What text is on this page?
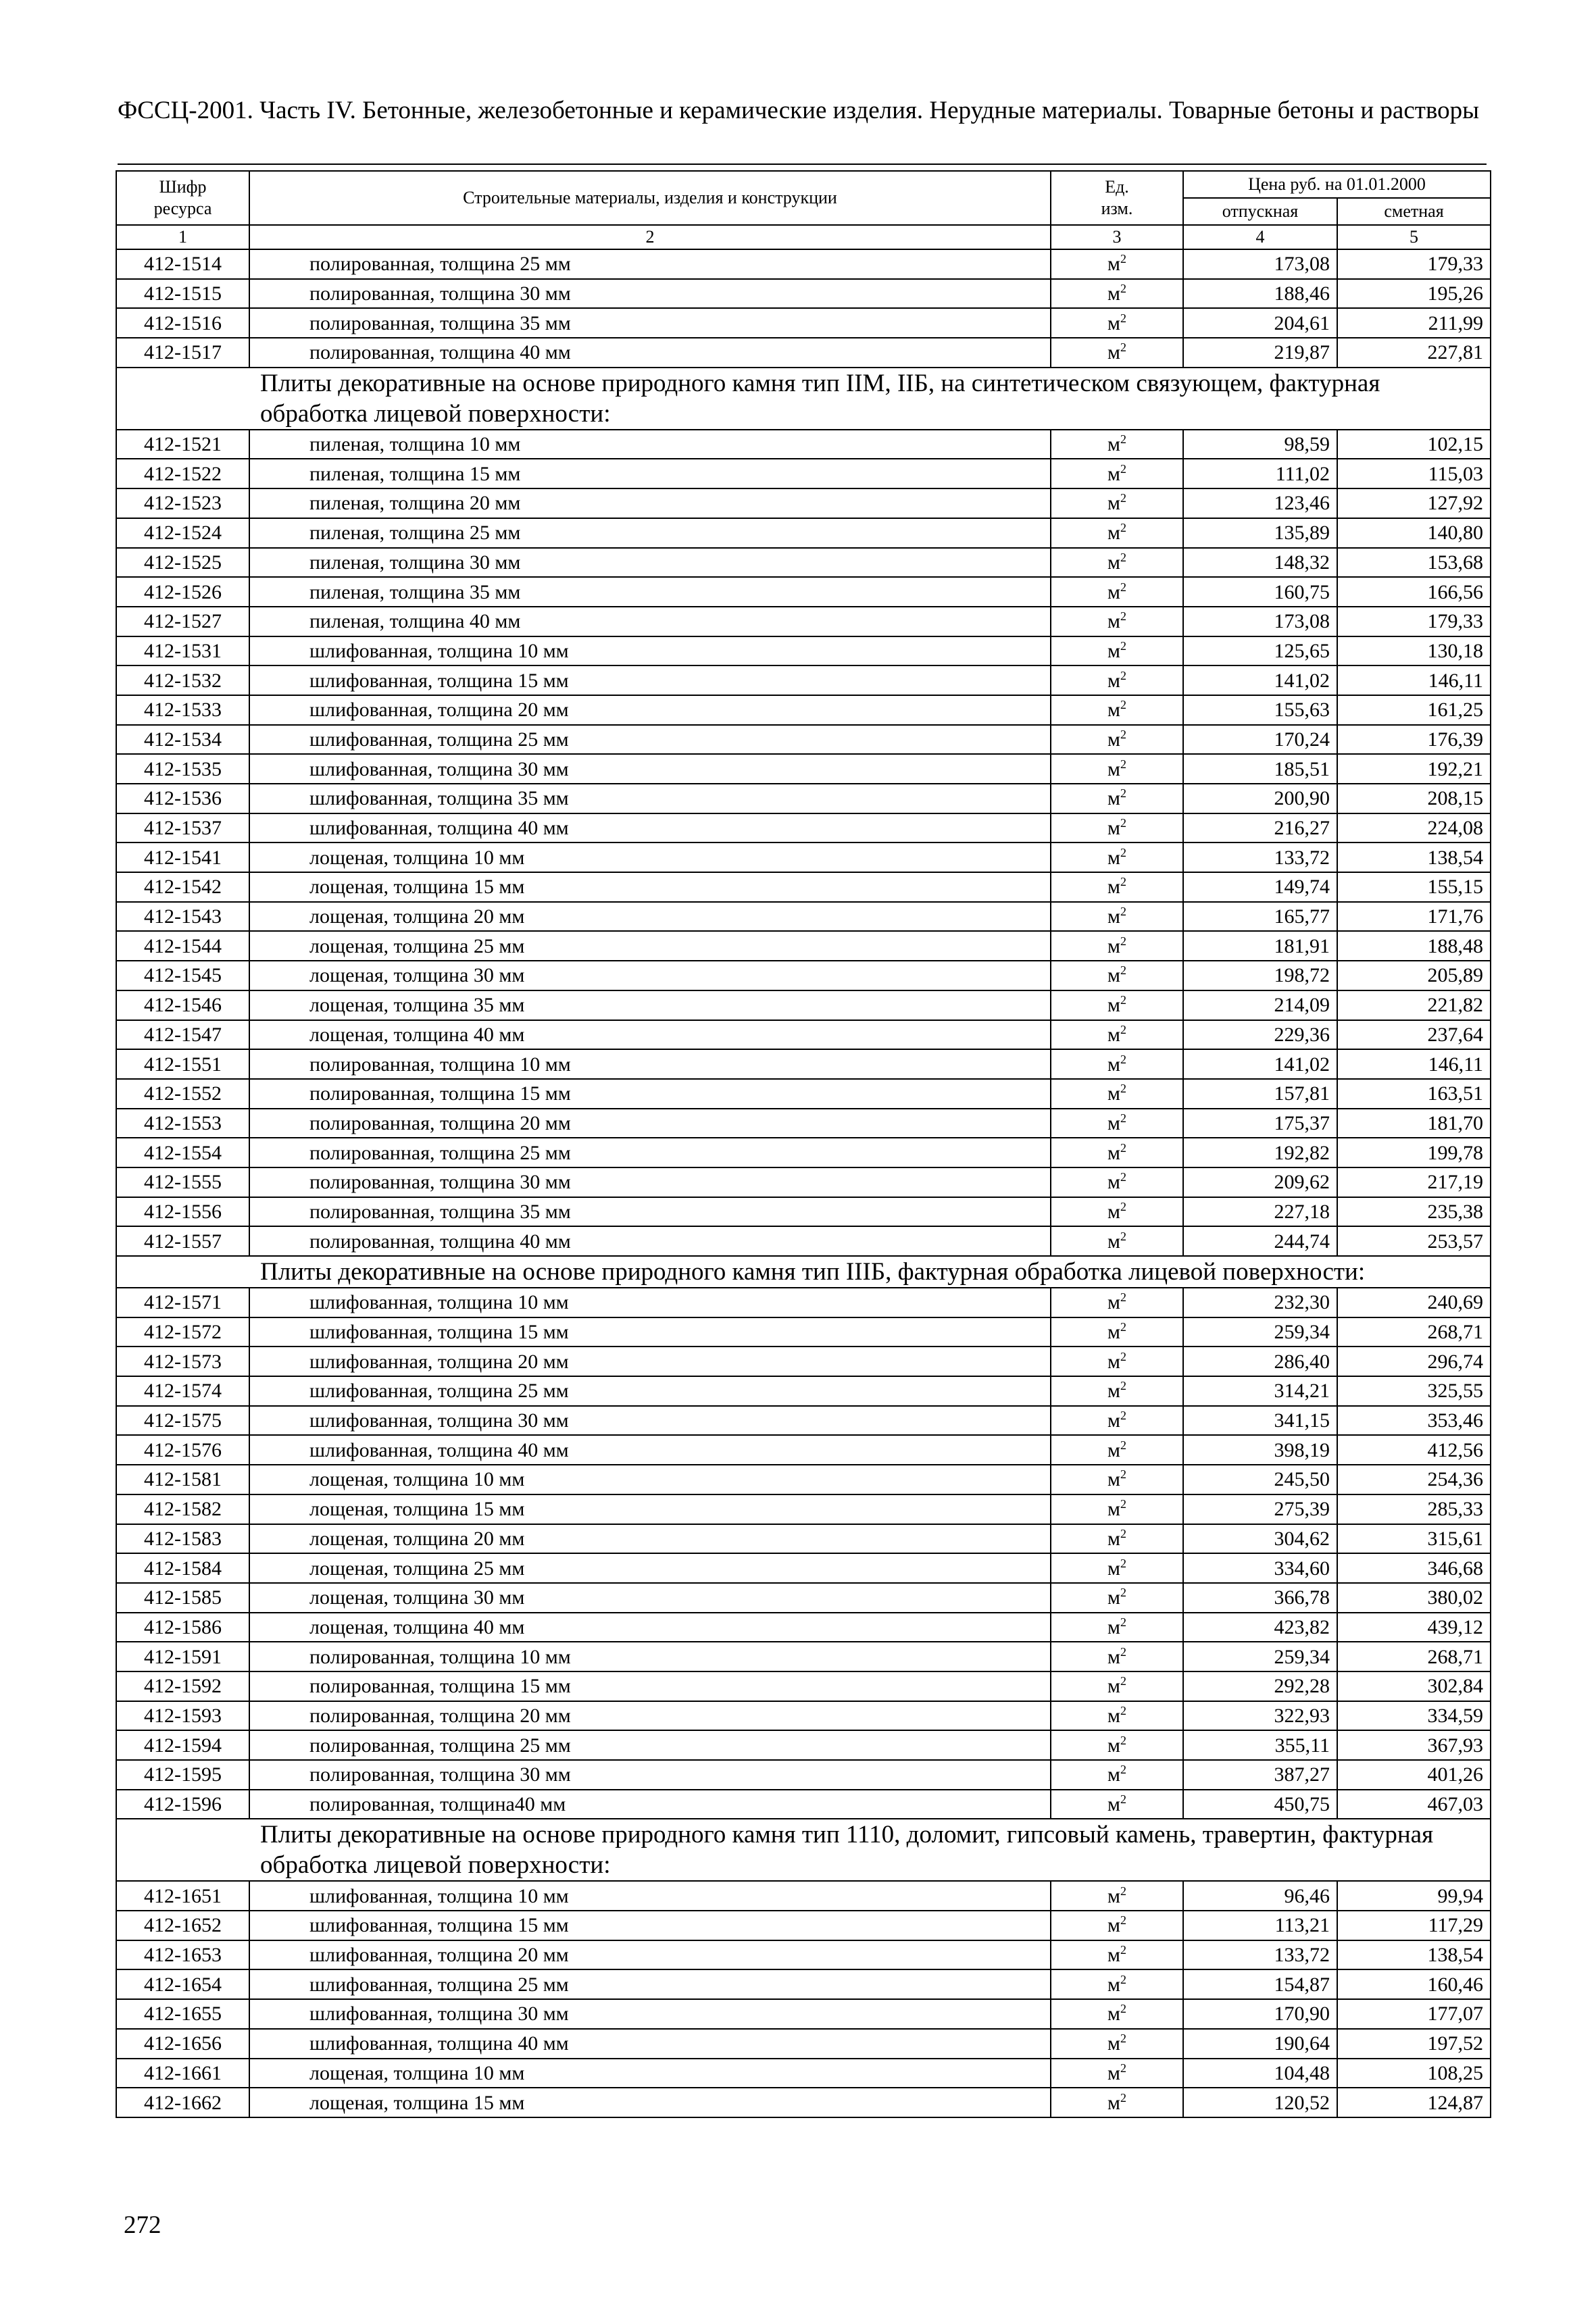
ФССЦ-2001. Часть IV. Бетонные, железобетонные и керамические изделия. Нерудные материалы. Товарные бетоны и растворы
Шифр ресурса	Строительные материалы, изделия и конструкции	Ед. изм.	Цена руб. на 01.01.2000	
			отпускная	сметная
1	2	3	4	5
412-1514	полированная, толщина 25 мм	$м^2$	173,08	179,33
412-1515	полированная, толщина 30 мм	$м^2$	188,46	195,26
412-1516	полированная, толщина 35 мм	$м^2$	204,61	211,99
412-1517	полированная, толщина 40 мм	$м^2$	219,87	227,81
Плиты декоративные на основе природного камня тип IIМ, IIБ, на синтетическом связующем, фактурная обработка лицевой поверхности:				
412-1521	пиленая, толщина 10 мм	$м^2$	98,59	102,15
412-1522	пиленая, толщина 15 мм	$м^2$	111,02	115,03
412-1523	пиленая, толщина 20 мм	$м^2$	123,46	127,92
412-1524	пиленая, толщина 25 мм	$м^2$	135,89	140,80
412-1525	пиленая, толщина 30 мм	$м^2$	148,32	153,68
412-1526	пиленая, толщина 35 мм	$м^2$	160,75	166,56
412-1527	пиленая, толщина 40 мм	$м^2$	173,08	179,33
412-1531	шлифованная, толщина 10 мм	$м^2$	125,65	130,18
412-1532	шлифованная, толщина 15 мм	$м^2$	141,02	146,11
412-1533	шлифованная, толщина 20 мм	$м^2$	155,63	161,25
412-1534	шлифованная, толщина 25 мм	$м^2$	170,24	176,39
412-1535	шлифованная, толщина 30 мм	$м^2$	185,51	192,21
412-1536	шлифованная, толщина 35 мм	$м^2$	200,90	208,15
412-1537	шлифованная, толщина 40 мм	$м^2$	216,27	224,08
412-1541	лощеная, толщина 10 мм	$м^2$	133,72	138,54
412-1542	лощеная, толщина 15 мм	$м^2$	149,74	155,15
412-1543	лощеная, толщина 20 мм	$м^2$	165,77	171,76
412-1544	лощеная, толщина 25 мм	$м^2$	181,91	188,48
412-1545	лощеная, толщина 30 мм	$м^2$	198,72	205,89
412-1546	лощеная, толщина 35 мм	$м^2$	214,09	221,82
412-1547	лощеная, толщина 40 мм	$м^2$	229,36	237,64
412-1551	полированная, толщина 10 мм	$м^2$	141,02	146,11
412-1552	полированная, толщина 15 мм	$м^2$	157,81	163,51
412-1553	полированная, толщина 20 мм	$м^2$	175,37	181,70
412-1554	полированная, толщина 25 мм	$м^2$	192,82	199,78
412-1555	полированная, толщина 30 мм	$м^2$	209,62	217,19
412-1556	полированная, толщина 35 мм	$м^2$	227,18	235,38
412-1557	полированная, толщина 40 мм	$м^2$	244,74	253,57
Плиты декоративные на основе природного камня тип IIIБ, фактурная обработка лицевой поверхности:				
412-1571	шлифованная, толщина 10 мм	$м^2$	232,30	240,69
412-1572	шлифованная, толщина 15 мм	$м^2$	259,34	268,71
412-1573	шлифованная, толщина 20 мм	$м^2$	286,40	296,74
412-1574	шлифованная, толщина 25 мм	$м^2$	314,21	325,55
412-1575	шлифованная, толщина 30 мм	$м^2$	341,15	353,46
412-1576	шлифованная, толщина 40 мм	$м^2$	398,19	412,56
412-1581	лощеная, толщина 10 мм	$м^2$	245,50	254,36
412-1582	лощеная, толщина 15 мм	$м^2$	275,39	285,33
412-1583	лощеная, толщина 20 мм	$м^2$	304,62	315,61
412-1584	лощеная, толщина 25 мм	$м^2$	334,60	346,68
412-1585	лощеная, толщина 30 мм	$м^2$	366,78	380,02
412-1586	лощеная, толщина 40 мм	$м^2$	423,82	439,12
412-1591	полированная, толщина 10 мм	$м^2$	259,34	268,71
412-1592	полированная, толщина 15 мм	$м^2$	292,28	302,84
412-1593	полированная, толщина 20 мм	$м^2$	322,93	334,59
412-1594	полированная, толщина 25 мм	$м^2$	355,11	367,93
412-1595	полированная, толщина 30 мм	$м^2$	387,27	401,26
412-1596	полированная, толщина40 мм	$м^2$	450,75	467,03
Плиты декоративные на основе природного камня тип 1110, доломит, гипсовый камень, травертин, фактурная обработка лицевой поверхности:				
412-1651	шлифованная, толщина 10 мм	$м^2$	96,46	99,94
412-1652	шлифованная, толщина 15 мм	$м^2$	113,21	117,29
412-1653	шлифованная, толщина 20 мм	$м^2$	133,72	138,54
412-1654	шлифованная, толщина 25 мм	$м^2$	154,87	160,46
412-1655	шлифованная, толщина 30 мм	$м^2$	170,90	177,07
412-1656	шлифованная, толщина 40 мм	$м^2$	190,64	197,52
412-1661	лощеная, толщина 10 мм	$м^2$	104,48	108,25
412-1662	лощеная, толщина 15 мм	$м^2$	120,52	124,87
272
